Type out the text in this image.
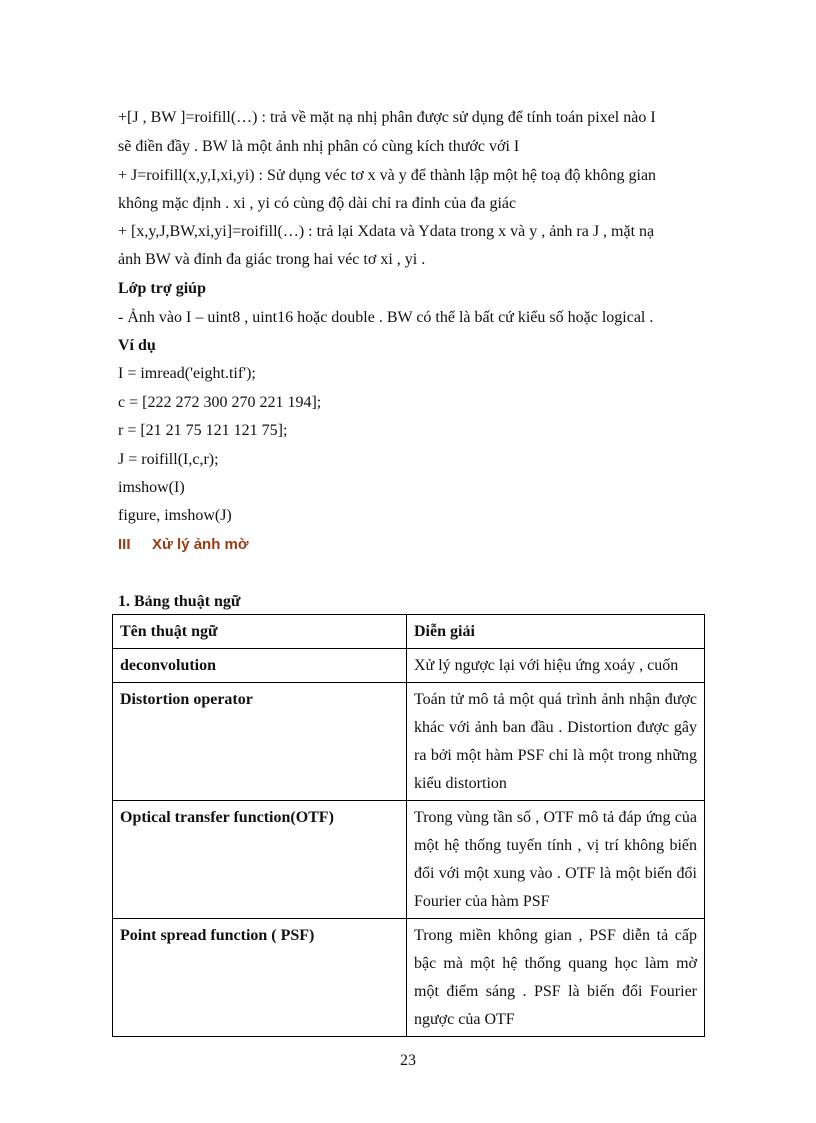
+[J , BW ]=roifill(…) : trả về mặt nạ nhị phân được sử dụng để tính toán pixel nào I
sẽ điền đầy . BW là một ảnh nhị phân có cùng kích thước với I
+ J=roifill(x,y,I,xi,yi) : Sử dụng véc tơ x và y để thành lập một hệ toạ độ không gian
không mặc định . xi , yi có cùng độ dài chỉ ra đỉnh của đa giác
+ [x,y,J,BW,xi,yi]=roifill(…) : trả lại Xdata và Ydata trong x và y , ảnh ra J , mặt nạ
ảnh BW và đỉnh đa giác trong hai véc tơ xi , yi .
Lớp trợ giúp
- Ảnh vào I – uint8 , uint16 hoặc double . BW có thể là bất cứ kiểu số hoặc logical .
Ví dụ
I = imread('eight.tif');
c = [222 272 300 270 221 194];
r = [21 21 75 121 121 75];
J = roifill(I,c,r);
imshow(I)
figure, imshow(J)
III Xử lý ảnh mờ
1. Bảng thuật ngữ
Tên thuật ngữ	Diễn giải
deconvolution	Xử lý ngược lại với hiệu ứng xoáy , cuốn
Distortion operator	Toán tử mô tả một quá trình ảnh nhận được khác với ảnh ban đầu . Distortion được gây ra bởi một hàm PSF chỉ là một trong những kiểu distortion
Optical transfer function(OTF)	Trong vùng tần số , OTF mô tả đáp ứng của một hệ thống tuyến tính , vị trí không biến đổi với một xung vào . OTF là một biến đổi Fourier của hàm PSF
Point spread function ( PSF)	Trong miền không gian , PSF diễn tả cấp bậc mà một hệ thống quang học làm mờ một điểm sáng . PSF là biến đổi Fourier ngược của OTF
23
